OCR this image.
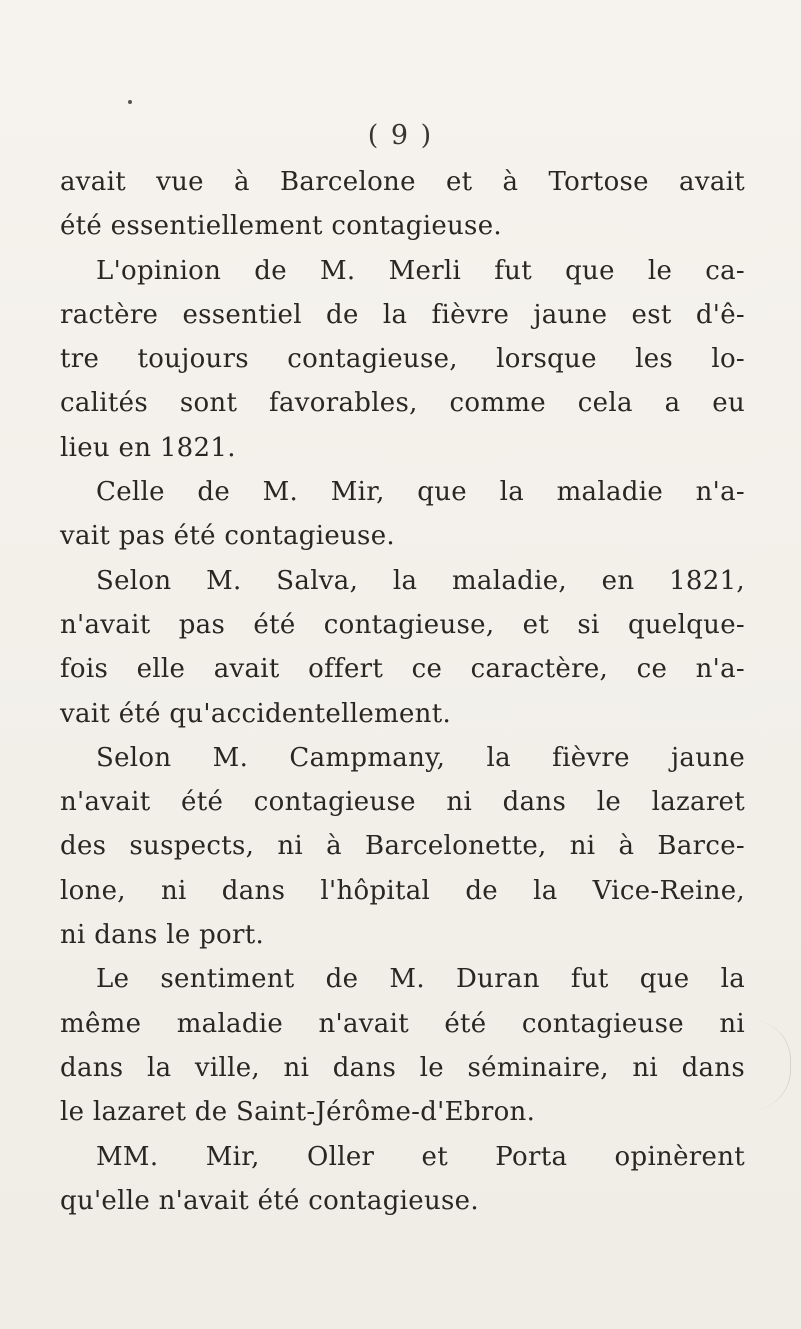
( 9 )
avait vue à Barcelone et à Tortose avait
été essentiellement contagieuse.
L'opinion de M. Merli fut que le ca-
ractère essentiel de la fièvre jaune est d'ê-
tre toujours contagieuse, lorsque les lo-
calités sont favorables, comme cela a eu
lieu en 1821.
Celle de M. Mir, que la maladie n'a-
vait pas été contagieuse.
Selon M. Salva, la maladie, en 1821,
n'avait pas été contagieuse, et si quelque-
fois elle avait offert ce caractère, ce n'a-
vait été qu'accidentellement.
Selon M. Campmany, la fièvre jaune
n'avait été contagieuse ni dans le lazaret
des suspects, ni à Barcelonette, ni à Barce-
lone, ni dans l'hôpital de la Vice-Reine,
ni dans le port.
Le sentiment de M. Duran fut que la
même maladie n'avait été contagieuse ni
dans la ville, ni dans le séminaire, ni dans
le lazaret de Saint-Jérôme-d'Ebron.
MM. Mir, Oller et Porta opinèrent
qu'elle n'avait été contagieuse.
